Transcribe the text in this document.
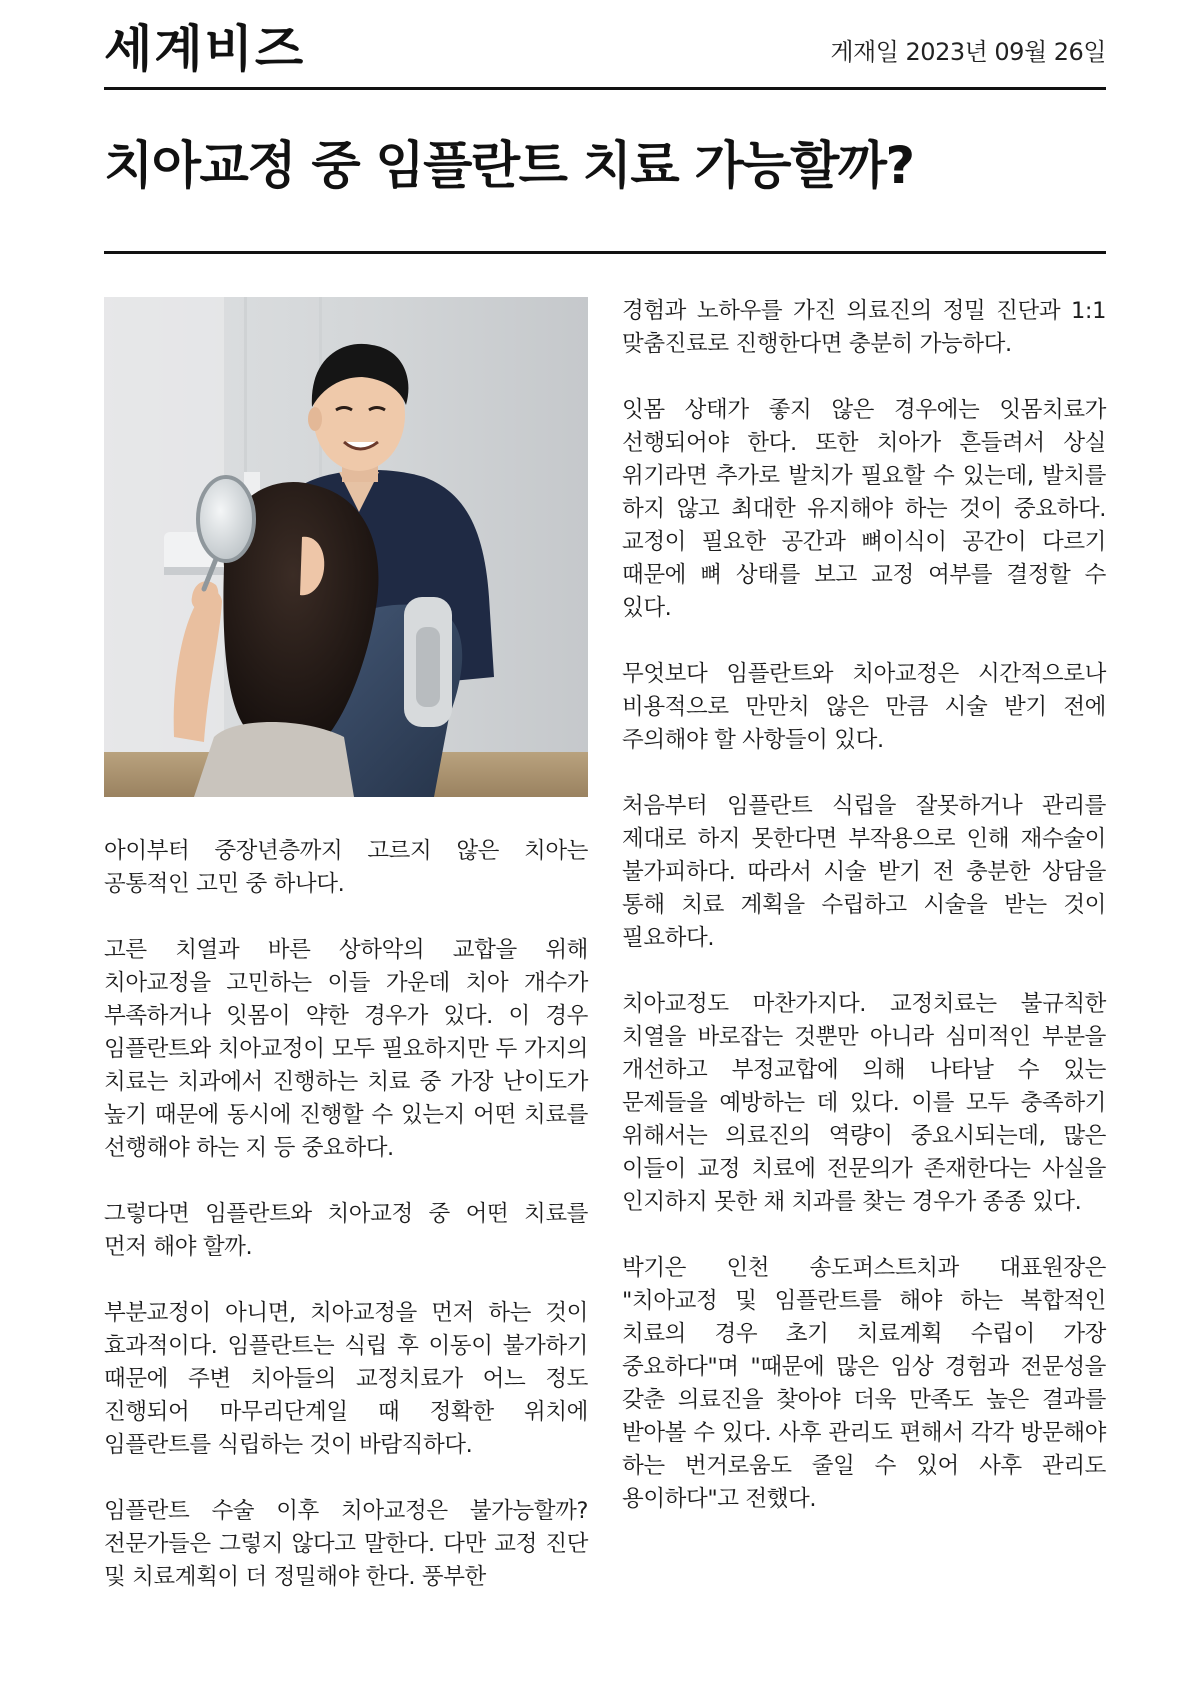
세계비즈	게재일 2023년 09월 26일
치아교정 중 임플란트 치료 가능할까?

아이부터 중장년층까지 고르지 않은 치아는 공통적인 고민 중 하나다.

고른 치열과 바른 상하악의 교합을 위해 치아교정을 고민하는 이들 가운데 치아 개수가 부족하거나 잇몸이 약한 경우가 있다. 이 경우 임플란트와 치아교정이 모두 필요하지만 두 가지의 치료는 치과에서 진행하는 치료 중 가장 난이도가 높기 때문에 동시에 진행할 수 있는지 어떤 치료를 선행해야 하는 지 등 중요하다.

그렇다면 임플란트와 치아교정 중 어떤 치료를 먼저 해야 할까.

부분교정이 아니면, 치아교정을 먼저 하는 것이 효과적이다. 임플란트는 식립 후 이동이 불가하기 때문에 주변 치아들의 교정치료가 어느 정도 진행되어 마무리단계일 때 정확한 위치에 임플란트를 식립하는 것이 바람직하다.

임플란트 수술 이후 치아교정은 불가능할까? 전문가들은 그렇지 않다고 말한다. 다만 교정 진단 및 치료계획이 더 정밀해야 한다. 풍부한

경험과 노하우를 가진 의료진의 정밀 진단과 1:1 맞춤진료로 진행한다면 충분히 가능하다.

잇몸 상태가 좋지 않은 경우에는 잇몸치료가 선행되어야 한다. 또한 치아가 흔들려서 상실 위기라면 추가로 발치가 필요할 수 있는데, 발치를 하지 않고 최대한 유지해야 하는 것이 중요하다. 교정이 필요한 공간과 뼈이식이 공간이 다르기 때문에 뼈 상태를 보고 교정 여부를 결정할 수 있다.

무엇보다 임플란트와 치아교정은 시간적으로나 비용적으로 만만치 않은 만큼 시술 받기 전에 주의해야 할 사항들이 있다.

처음부터 임플란트 식립을 잘못하거나 관리를 제대로 하지 못한다면 부작용으로 인해 재수술이 불가피하다. 따라서 시술 받기 전 충분한 상담을 통해 치료 계획을 수립하고 시술을 받는 것이 필요하다.

치아교정도 마찬가지다. 교정치료는 불규칙한 치열을 바로잡는 것뿐만 아니라 심미적인 부분을 개선하고 부정교합에 의해 나타날 수 있는 문제들을 예방하는 데 있다. 이를 모두 충족하기 위해서는 의료진의 역량이 중요시되는데, 많은 이들이 교정 치료에 전문의가 존재한다는 사실을 인지하지 못한 채 치과를 찾는 경우가 종종 있다.

박기은 인천 송도퍼스트치과 대표원장은 "치아교정 및 임플란트를 해야 하는 복합적인 치료의 경우 초기 치료계획 수립이 가장 중요하다"며 "때문에 많은 임상 경험과 전문성을 갖춘 의료진을 찾아야 더욱 만족도 높은 결과를 받아볼 수 있다. 사후 관리도 편해서 각각 방문해야 하는 번거로움도 줄일 수 있어 사후 관리도 용이하다"고 전했다.
